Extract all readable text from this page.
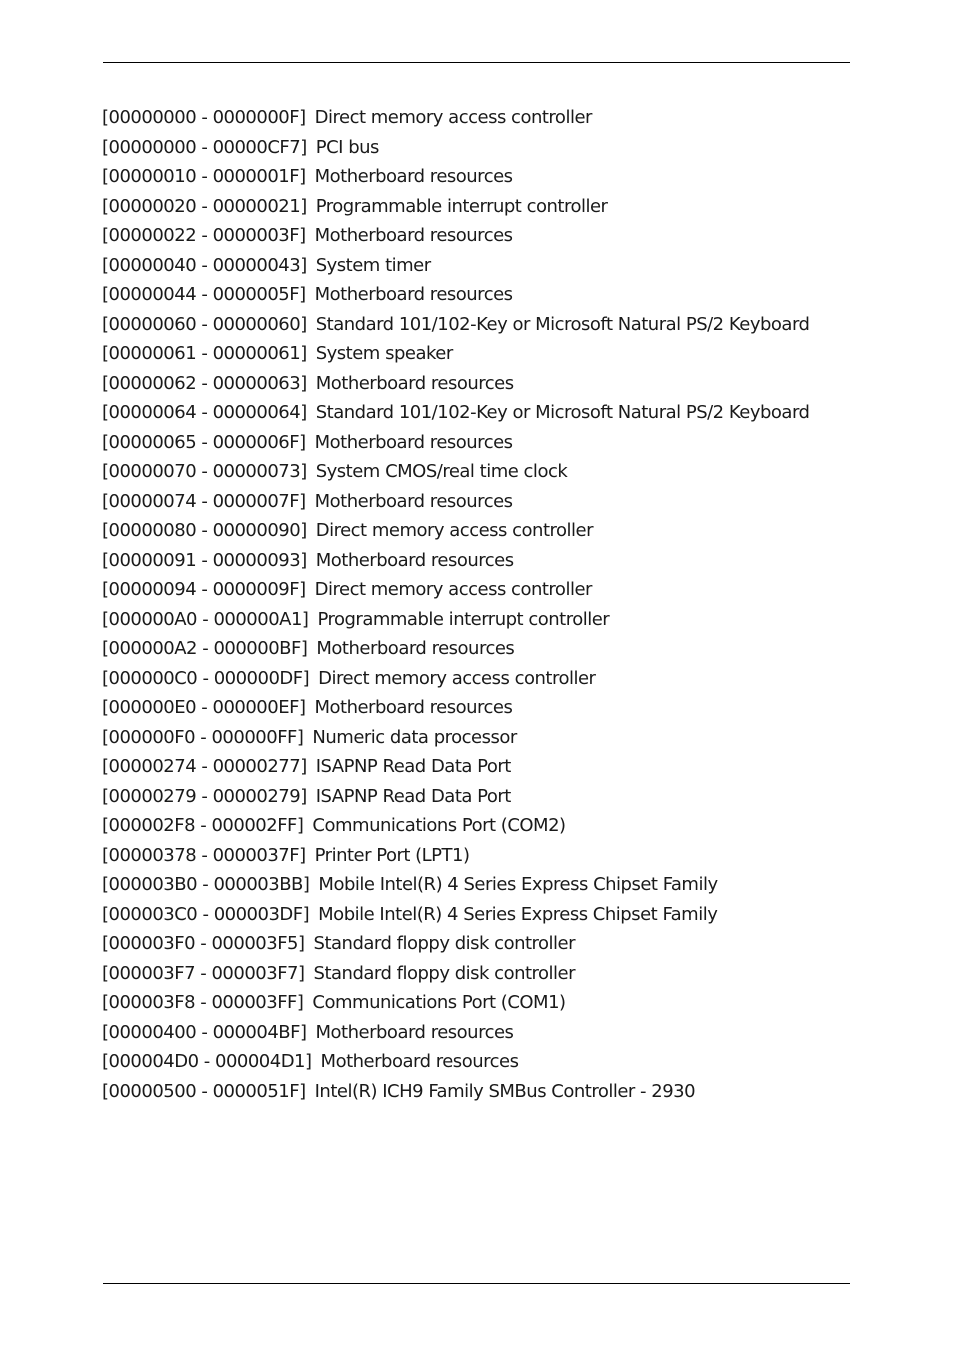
[00000000 - 0000000F] Direct memory access controller
[00000000 - 00000CF7] PCI bus
[00000010 - 0000001F] Motherboard resources
[00000020 - 00000021] Programmable interrupt controller
[00000022 - 0000003F] Motherboard resources
[00000040 - 00000043] System timer
[00000044 - 0000005F] Motherboard resources
[00000060 - 00000060] Standard 101/102-Key or Microsoft Natural PS/2 Keyboard
[00000061 - 00000061] System speaker
[00000062 - 00000063] Motherboard resources
[00000064 - 00000064] Standard 101/102-Key or Microsoft Natural PS/2 Keyboard
[00000065 - 0000006F] Motherboard resources
[00000070 - 00000073] System CMOS/real time clock
[00000074 - 0000007F] Motherboard resources
[00000080 - 00000090] Direct memory access controller
[00000091 - 00000093] Motherboard resources
[00000094 - 0000009F] Direct memory access controller
[000000A0 - 000000A1] Programmable interrupt controller
[000000A2 - 000000BF] Motherboard resources
[000000C0 - 000000DF] Direct memory access controller
[000000E0 - 000000EF] Motherboard resources
[000000F0 - 000000FF] Numeric data processor
[00000274 - 00000277] ISAPNP Read Data Port
[00000279 - 00000279] ISAPNP Read Data Port
[000002F8 - 000002FF] Communications Port (COM2)
[00000378 - 0000037F] Printer Port (LPT1)
[000003B0 - 000003BB] Mobile Intel(R) 4 Series Express Chipset Family
[000003C0 - 000003DF] Mobile Intel(R) 4 Series Express Chipset Family
[000003F0 - 000003F5] Standard floppy disk controller
[000003F7 - 000003F7] Standard floppy disk controller
[000003F8 - 000003FF] Communications Port (COM1)
[00000400 - 000004BF] Motherboard resources
[000004D0 - 000004D1] Motherboard resources
[00000500 - 0000051F] Intel(R) ICH9 Family SMBus Controller - 2930
